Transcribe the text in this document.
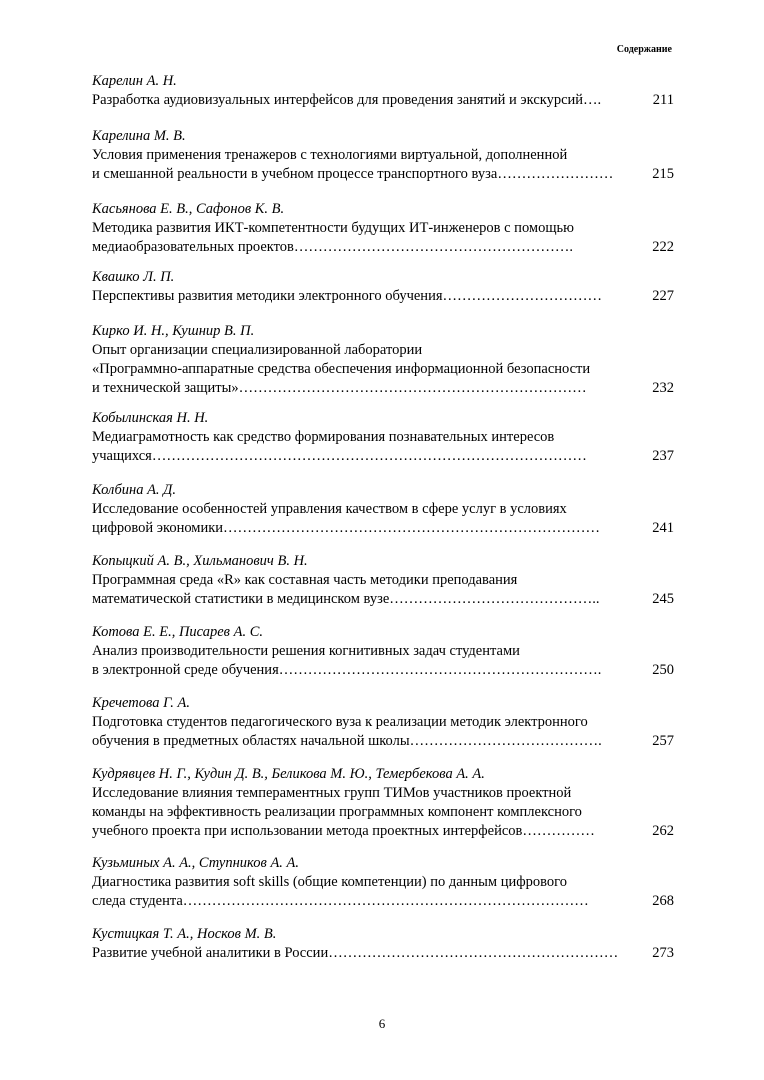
Содержание
Карелин А. Н.
Разработка аудиовизуальных интерфейсов для проведения занятий и экскурсий….	211
Карелина М. В.
Условия применения тренажеров с технологиями виртуальной, дополненной
и смешанной реальности в учебном процессе транспортного вуза……………………	215
Касьянова Е. В., Сафонов К. В.
Методика развития ИКТ-компетентности будущих ИТ-инженеров с помощью
медиаобразовательных проектов………………………………………………….	222
Квашко Л. П.
Перспективы развития методики электронного обучения……………………………	227
Кирко И. Н., Кушнир В. П.
Опыт организации специализированной лаборатории
«Программно-аппаратные средства обеспечения информационной безопасности
и технической защиты»………………………………………………………………	232
Кобылинская Н. Н.
Медиаграмотность как средство формирования познавательных интересов
учащихся………………………………………………………………………………	237
Колбина А. Д.
Исследование особенностей управления качеством в сфере услуг в условиях
цифровой экономики……………………………………………………………………	241
Копыцкий А. В., Хильманович В. Н.
Программная среда «R» как составная часть методики преподавания
математической статистики в медицинском вузе……………………………………..	245
Котова Е. Е., Писарев А. С.
Анализ производительности решения когнитивных задач студентами
в электронной среде обучения………………………………………………………….	250
Кречетова Г. А.
Подготовка студентов педагогического вуза к реализации методик электронного
обучения в предметных областях начальной школы………………………………….	257
Кудрявцев Н. Г., Кудин Д. В., Беликова М. Ю., Темербекова А. А.
Исследование влияния темпераментных групп ТИМов участников проектной
команды на эффективность реализации программных компонент комплексного
учебного проекта при использовании метода проектных интерфейсов……………	262
Кузьминых А. А., Ступников А. А.
Диагностика развития soft skills (общие компетенции) по данным цифрового
следа студента…………………………………………………………………………	268
Кустицкая Т. А., Носков М. В.
Развитие учебной аналитики в России……………………………………………………	273
6
